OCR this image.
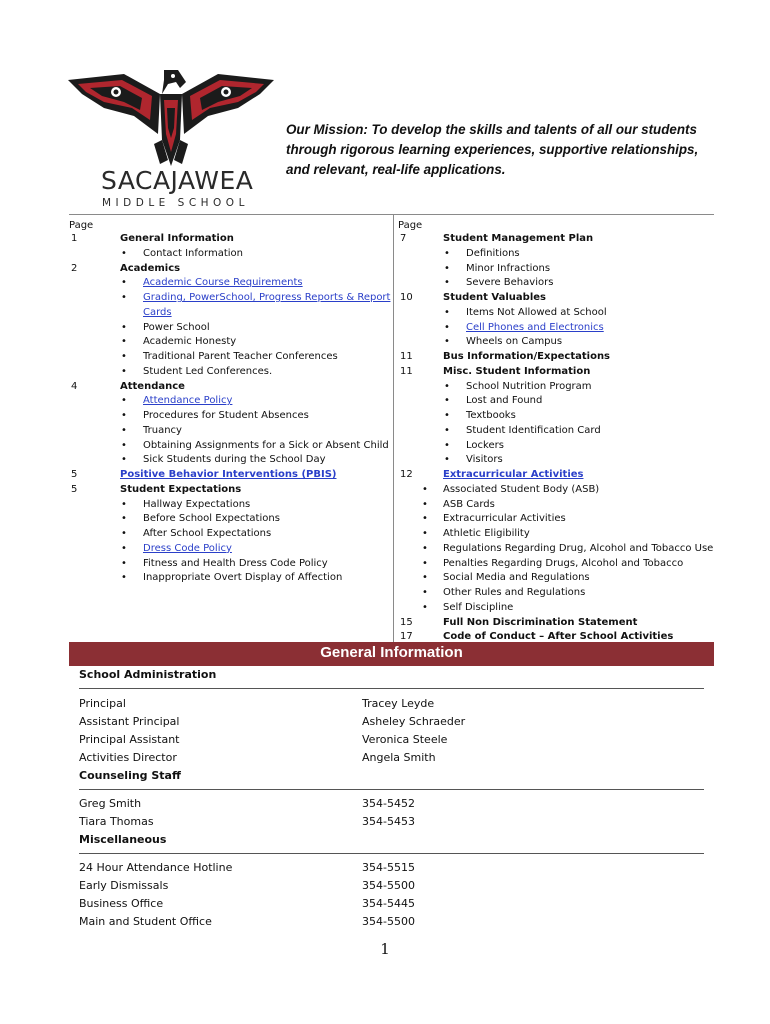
SACAJAWEA
MIDDLE SCHOOL
Our Mission: To develop the skills and talents of all our students through rigorous learning experiences, supportive relationships, and relevant, real-life applications.
Page
1	General Information
• Contact Information
2	Academics
• Academic Course Requirements
• Grading, PowerSchool, Progress Reports & Report
Cards
• Power School
• Academic Honesty
• Traditional Parent Teacher Conferences
• Student Led Conferences.
4	Attendance
• Attendance Policy
• Procedures for Student Absences
• Truancy
• Obtaining Assignments for a Sick or Absent Child
• Sick Students during the School Day
5	Positive Behavior Interventions (PBIS)
5	Student Expectations
• Hallway Expectations
• Before School Expectations
• After School Expectations
• Dress Code Policy
• Fitness and Health Dress Code Policy
• Inappropriate Overt Display of Affection
Page
7	Student Management Plan
• Definitions
• Minor Infractions
• Severe Behaviors
10	Student Valuables
• Items Not Allowed at School
• Cell Phones and Electronics
• Wheels on Campus
11	Bus Information/Expectations
11	Misc. Student Information
• School Nutrition Program
• Lost and Found
• Textbooks
• Student Identification Card
• Lockers
• Visitors
12	Extracurricular Activities
• Associated Student Body (ASB)
• ASB Cards
• Extracurricular Activities
• Athletic Eligibility
• Regulations Regarding Drug, Alcohol and Tobacco Use
• Penalties Regarding Drugs, Alcohol and Tobacco
• Social Media and Regulations
• Other Rules and Regulations
• Self Discipline
15	Full Non Discrimination Statement
17	Code of Conduct – After School Activities
General Information
School Administration
Principal	Tracey Leyde
Assistant Principal	Asheley Schraeder
Principal Assistant	Veronica Steele
Activities Director	Angela Smith
Counseling Staff
Greg Smith	354-5452
Tiara Thomas	354-5453
Miscellaneous
24 Hour Attendance Hotline	354-5515
Early Dismissals	354-5500
Business Office	354-5445
Main and Student Office	354-5500
1
